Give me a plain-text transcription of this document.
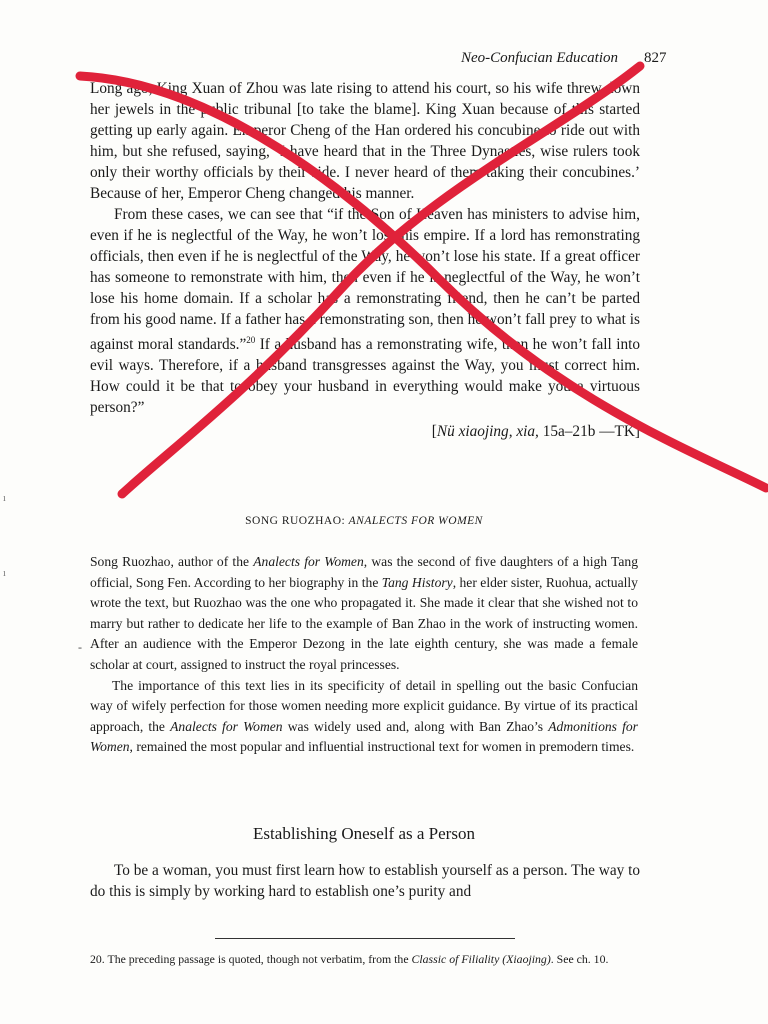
Neo-Confucian Education	827

Long ago, King Xuan of Zhou was late rising to attend his court, so his wife threw down her jewels in the public tribunal [to take the blame]. King Xuan because of this started getting up early again. Emperor Cheng of the Han ordered his concubine to ride out with him, but she refused, saying, ‘I have heard that in the Three Dynasties, wise rulers took only their worthy officials by their side. I never heard of them taking their concubines.’ Because of her, Emperor Cheng changed his manner.

From these cases, we can see that “if the Son of Heaven has ministers to advise him, even if he is neglectful of the Way, he won’t lose his empire. If a lord has remonstrating officials, then even if he is neglectful of the Way, he won’t lose his state. If a great officer has someone to remonstrate with him, then even if he is neglectful of the Way, he won’t lose his home domain. If a scholar has a remonstrating friend, then he can’t be parted from his good name. If a father has a remonstrating son, then he won’t fall prey to what is against moral standards.”$^{20}$ If a husband has a remonstrating wife, then he won’t fall into evil ways. Therefore, if a husband transgresses against the Way, you must correct him. How could it be that to obey your husband in everything would make you a virtuous person?”

[Nü xiaojing, xia, 15a–21b —TK]
SONG RUOZHAO: ANALECTS FOR WOMEN

Song Ruozhao, author of the Analects for Women, was the second of five daughters of a high Tang official, Song Fen. According to her biography in the Tang History, her elder sister, Ruohua, actually wrote the text, but Ruozhao was the one who propagated it. She made it clear that she wished not to marry but rather to dedicate her life to the example of Ban Zhao in the work of instructing women. After an audience with the Emperor Dezong in the late eighth century, she was made a female scholar at court, assigned to instruct the royal princesses.

The importance of this text lies in its specificity of detail in spelling out the basic Confucian way of wifely perfection for those women needing more explicit guidance. By virtue of its practical approach, the Analects for Women was widely used and, along with Ban Zhao’s Admonitions for Women, remained the most popular and influential instructional text for women in premodern times.

Establishing Oneself as a Person

To be a woman, you must first learn how to establish yourself as a person. The way to do this is simply by working hard to establish one’s purity and

20. The preceding passage is quoted, though not verbatim, from the Classic of Filiality (Xiaojing). See ch. 10.
ı
ı
-
